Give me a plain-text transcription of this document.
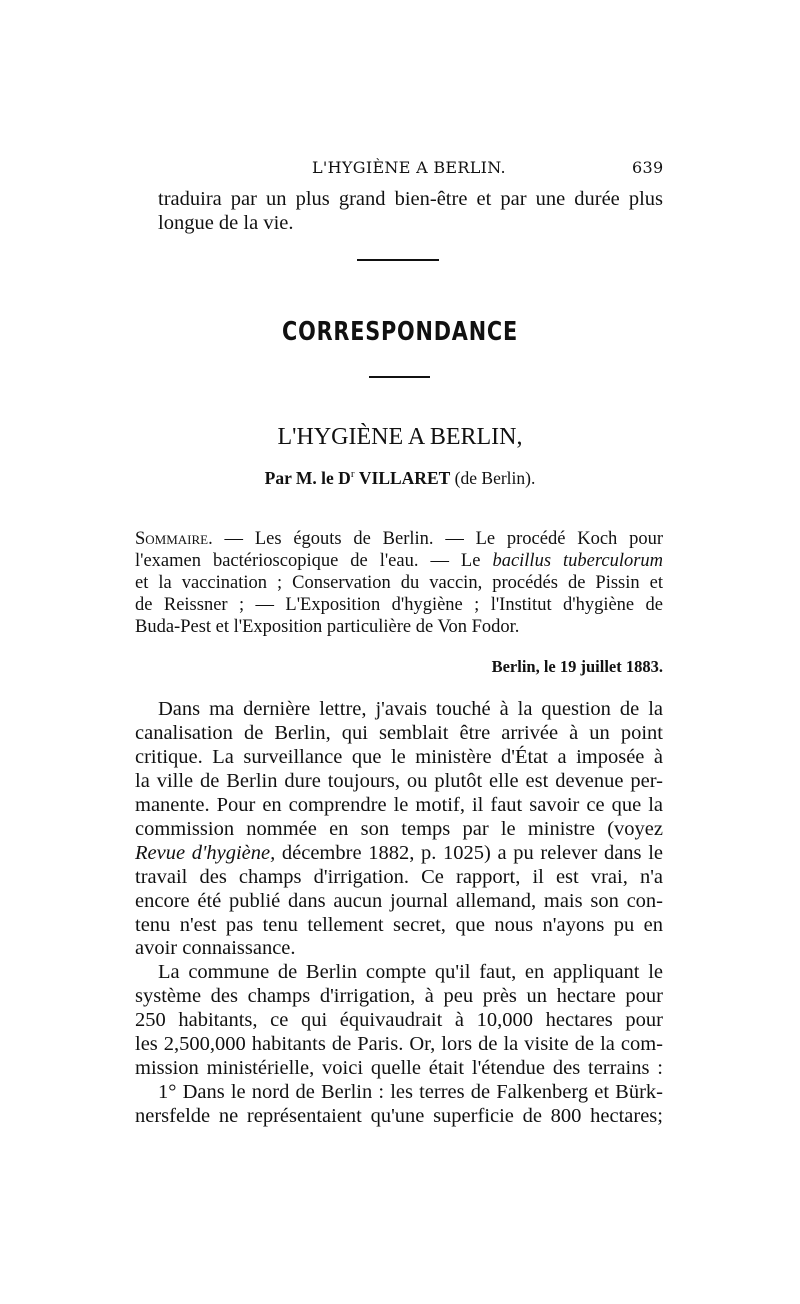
L'HYGIÈNE A BERLIN.	639
traduira par un plus grand bien-être et par une durée plus
longue de la vie.
CORRESPONDANCE
L'HYGIÈNE A BERLIN,
Par M. le $D^r$ VILLARET (de Berlin).
Sommaire. — Les égouts de Berlin. — Le procédé Koch pour
l'examen bactérioscopique de l'eau. — Le bacillus tuberculorum
et la vaccination ; Conservation du vaccin, procédés de Pissin et
de Reissner ; — L'Exposition d'hygiène ; l'Institut d'hygiène de
Buda-Pest et l'Exposition particulière de Von Fodor.
Berlin, le 19 juillet 1883.
Dans ma dernière lettre, j'avais touché à la question de la
canalisation de Berlin, qui semblait être arrivée à un point
critique. La surveillance que le ministère d'État a imposée à
la ville de Berlin dure toujours, ou plutôt elle est devenue per-
manente. Pour en comprendre le motif, il faut savoir ce que la
commission nommée en son temps par le ministre (voyez
Revue d'hygiène, décembre 1882, p. 1025) a pu relever dans le
travail des champs d'irrigation. Ce rapport, il est vrai, n'a
encore été publié dans aucun journal allemand, mais son con-
tenu n'est pas tenu tellement secret, que nous n'ayons pu en
avoir connaissance.
La commune de Berlin compte qu'il faut, en appliquant le
système des champs d'irrigation, à peu près un hectare pour
250 habitants, ce qui équivaudrait à 10,000 hectares pour
les 2,500,000 habitants de Paris. Or, lors de la visite de la com-
mission ministérielle, voici quelle était l'étendue des terrains :
1° Dans le nord de Berlin : les terres de Falkenberg et Bürk-
nersfelde ne représentaient qu'une superficie de 800 hectares;
